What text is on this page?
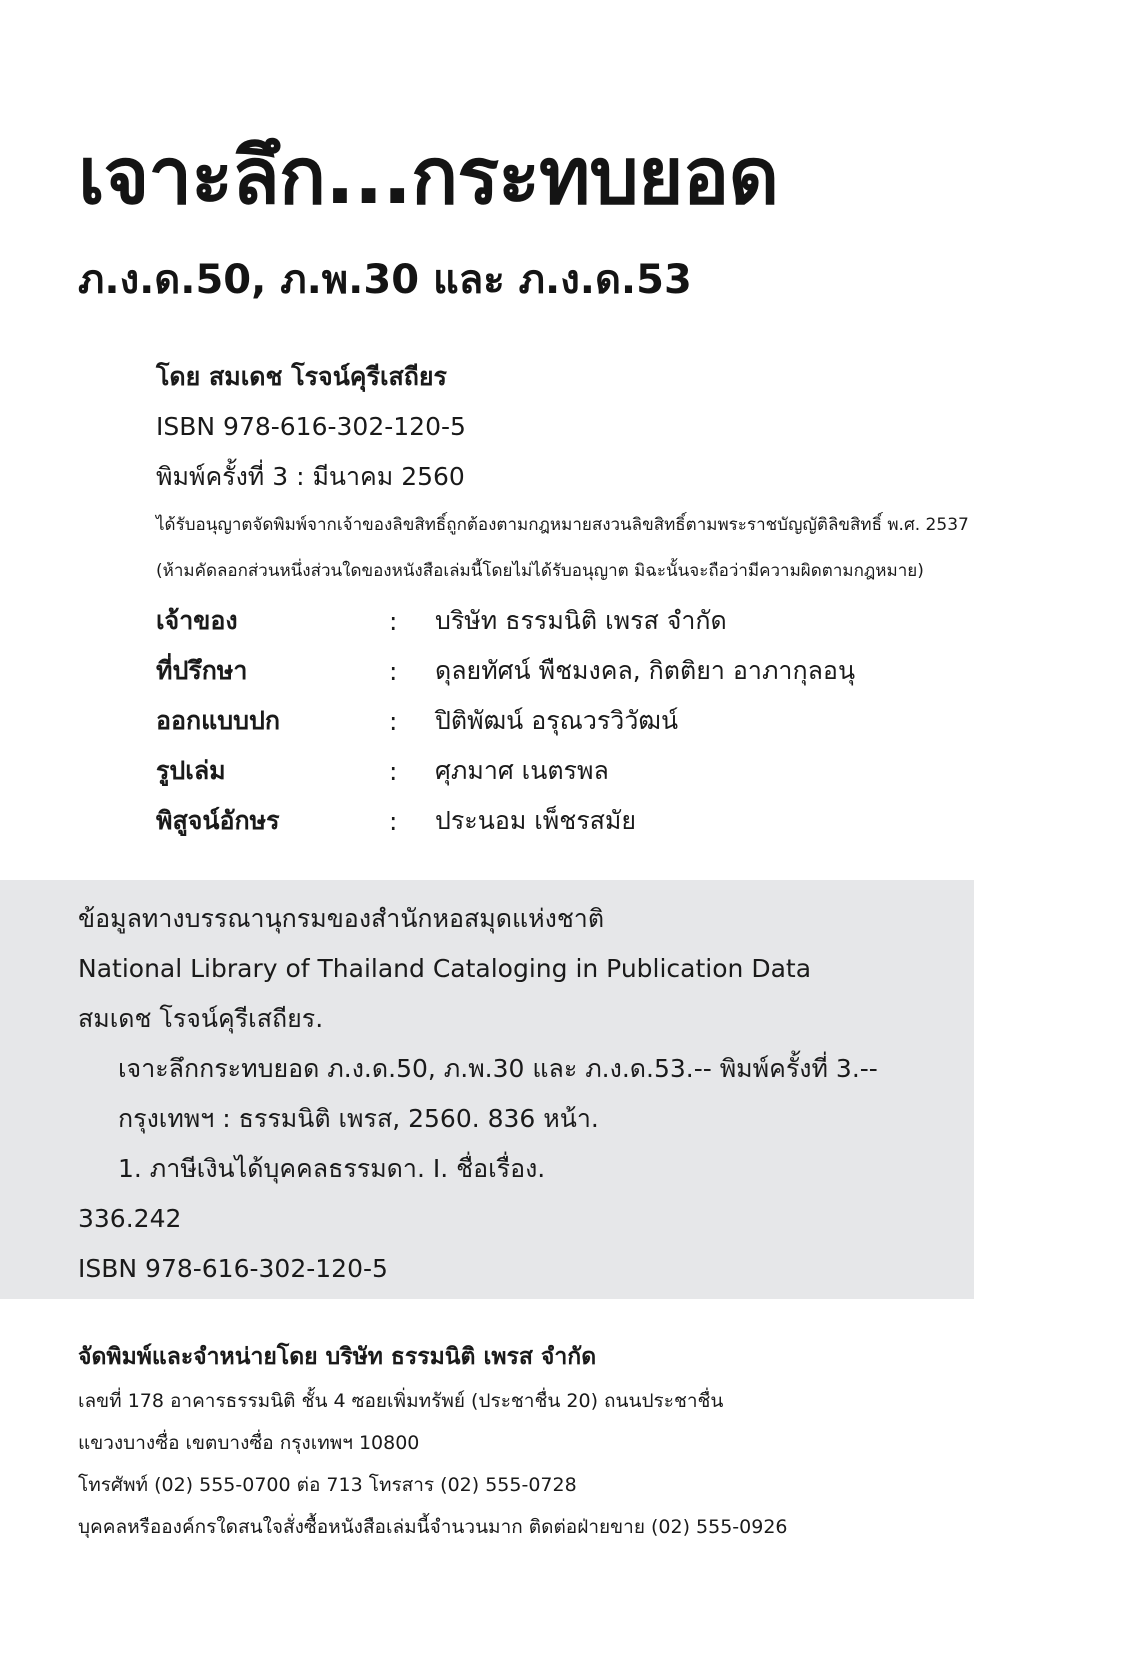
เจาะลึก...กระทบยอด
ภ.ง.ด.50, ภ.พ.30 และ ภ.ง.ด.53
โดย สมเดช โรจน์คุรีเสถียร
ISBN 978-616-302-120-5
พิมพ์ครั้งที่ 3 : มีนาคม 2560
ได้รับอนุญาตจัดพิมพ์จากเจ้าของลิขสิทธิ์ถูกต้องตามกฎหมายสงวนลิขสิทธิ์ตามพระราชบัญญัติลิขสิทธิ์ พ.ศ. 2537
(ห้ามคัดลอกส่วนหนึ่งส่วนใดของหนังสือเล่มนี้โดยไม่ได้รับอนุญาต มิฉะนั้นจะถือว่ามีความผิดตามกฎหมาย)
เจ้าของ	:	บริษัท ธรรมนิติ เพรส จำกัด
ที่ปรึกษา	:	ดุลยทัศน์ พืชมงคล, กิตติยา อาภากุลอนุ
ออกแบบปก	:	ปิติพัฒน์ อรุณวรวิวัฒน์
รูปเล่ม	:	ศุภมาศ เนตรพล
พิสูจน์อักษร	:	ประนอม เพ็ชรสมัย
ข้อมูลทางบรรณานุกรมของสำนักหอสมุดแห่งชาติ
National Library of Thailand Cataloging in Publication Data
สมเดช โรจน์คุรีเสถียร.
เจาะลึกกระทบยอด ภ.ง.ด.50, ภ.พ.30 และ ภ.ง.ด.53.-- พิมพ์ครั้งที่ 3.--
กรุงเทพฯ : ธรรมนิติ เพรส, 2560. 836 หน้า.
1. ภาษีเงินได้บุคคลธรรมดา. I. ชื่อเรื่อง.
336.242
ISBN 978-616-302-120-5
จัดพิมพ์และจำหน่ายโดย บริษัท ธรรมนิติ เพรส จำกัด
เลขที่ 178 อาคารธรรมนิติ ชั้น 4 ซอยเพิ่มทรัพย์ (ประชาชื่น 20) ถนนประชาชื่น
แขวงบางซื่อ เขตบางซื่อ กรุงเทพฯ 10800
โทรศัพท์ (02) 555-0700 ต่อ 713 โทรสาร (02) 555-0728
บุคคลหรือองค์กรใดสนใจสั่งซื้อหนังสือเล่มนี้จำนวนมาก ติดต่อฝ่ายขาย (02) 555-0926
